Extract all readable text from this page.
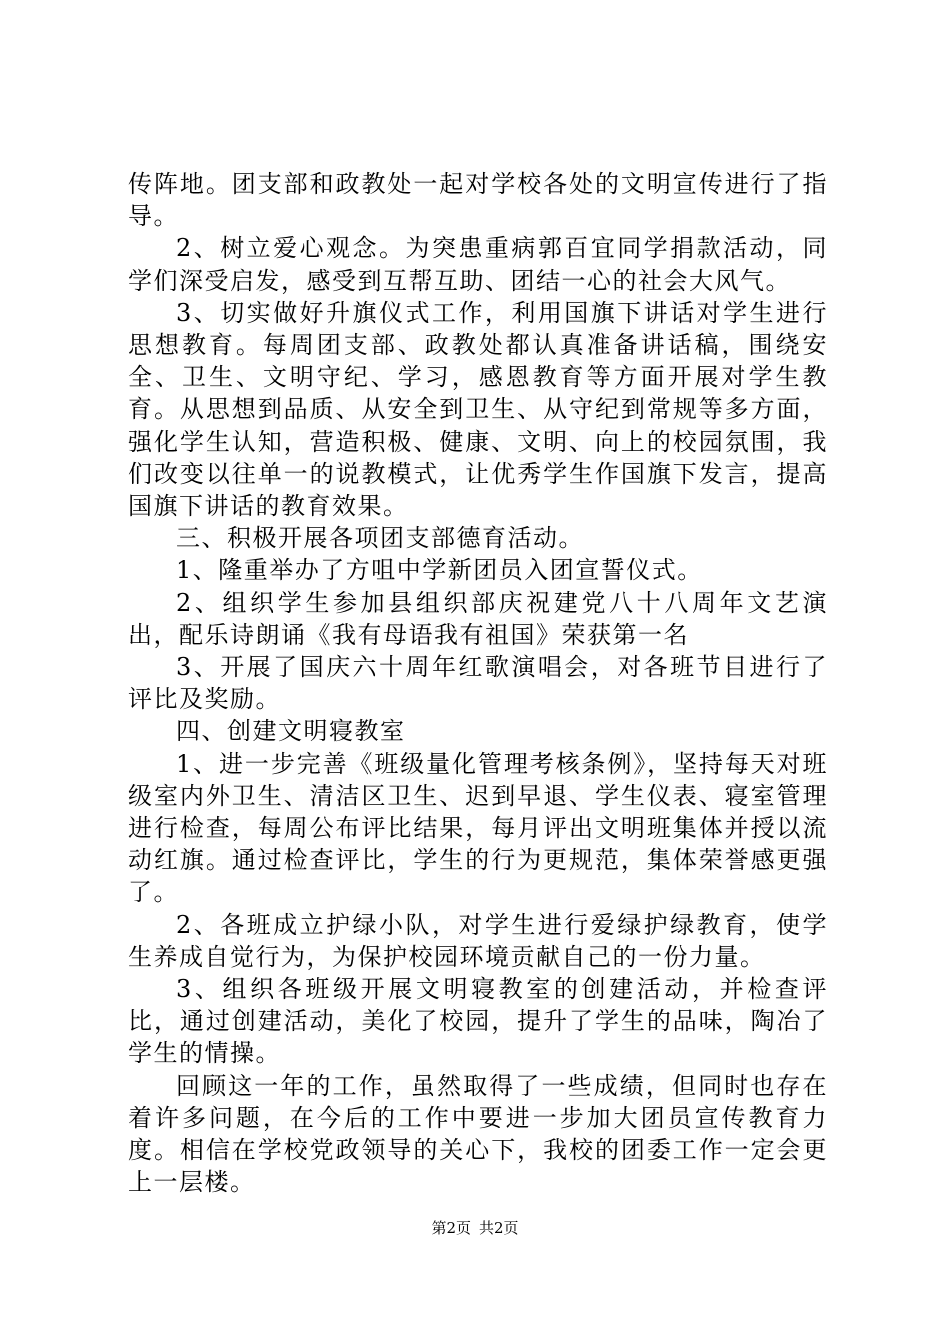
传阵地。团支部和政教处一起对学校各处的文明宣传进行了指导。

2、树立爱心观念。为突患重病郭百宜同学捐款活动，同学们深受启发，感受到互帮互助、团结一心的社会大风气。

3、切实做好升旗仪式工作，利用国旗下讲话对学生进行思想教育。每周团支部、政教处都认真准备讲话稿，围绕安全、卫生、文明守纪、学习，感恩教育等方面开展对学生教育。从思想到品质、从安全到卫生、从守纪到常规等多方面，强化学生认知，营造积极、健康、文明、向上的校园氛围，我们改变以往单一的说教模式，让优秀学生作国旗下发言，提高国旗下讲话的教育效果。

三、积极开展各项团支部德育活动。

1、隆重举办了方咀中学新团员入团宣誓仪式。

2、组织学生参加县组织部庆祝建党八十八周年文艺演出，配乐诗朗诵《我有母语我有祖国》荣获第一名

3、开展了国庆六十周年红歌演唱会，对各班节目进行了评比及奖励。

四、创建文明寝教室

1、进一步完善《班级量化管理考核条例》，坚持每天对班级室内外卫生、清洁区卫生、迟到早退、学生仪表、寝室管理进行检查，每周公布评比结果，每月评出文明班集体并授以流动红旗。通过检查评比，学生的行为更规范，集体荣誉感更强了。

2、各班成立护绿小队，对学生进行爱绿护绿教育，使学生养成自觉行为，为保护校园环境贡献自己的一份力量。

3、组织各班级开展文明寝教室的创建活动，并检查评比，通过创建活动，美化了校园，提升了学生的品味，陶冶了学生的情操。

回顾这一年的工作，虽然取得了一些成绩，但同时也存在着许多问题，在今后的工作中要进一步加大团员宣传教育力度。相信在学校党政领导的关心下，我校的团委工作一定会更上一层楼。

第2页 共2页
